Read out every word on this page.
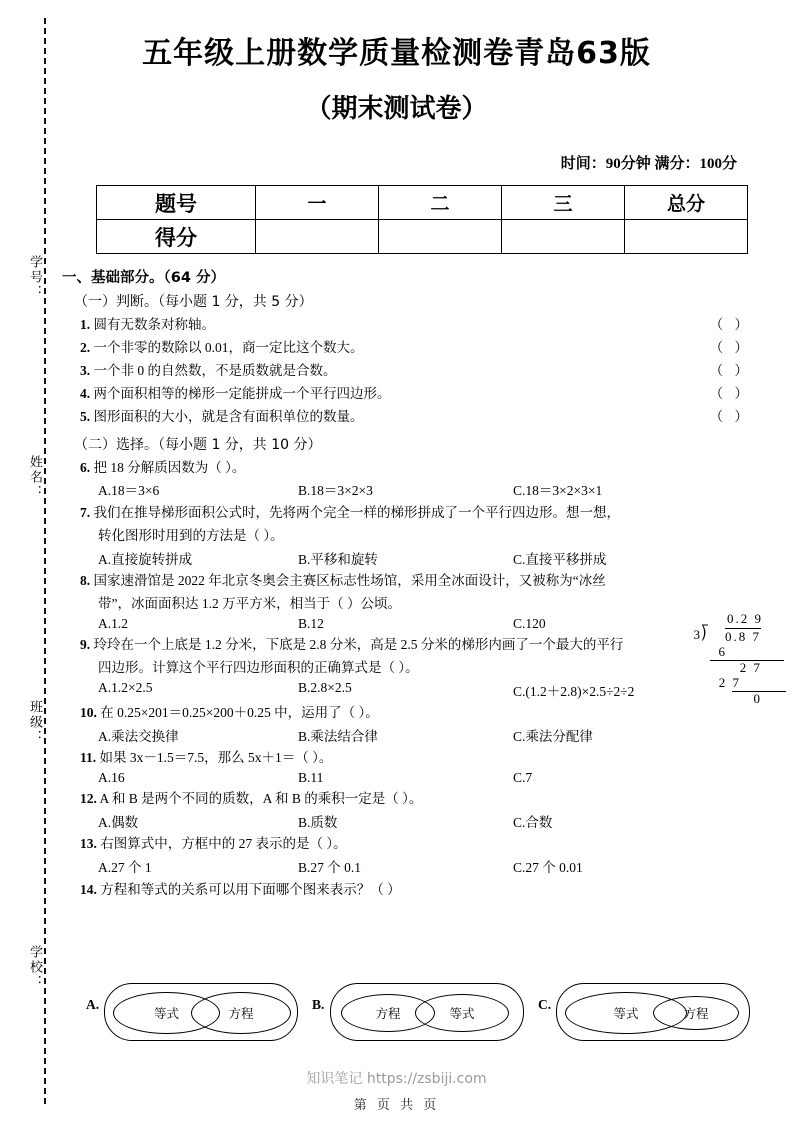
学号：
姓名：
班级：
学校：
五年级上册数学质量检测卷青岛63版
（期末测试卷）
时间：90分钟 满分：100分
题号	一	二	三	总分
得分				
一、基础部分。（64 分）
（一）判断。（每小题 1 分，共 5 分）
1. 圆有无数条对称轴。	（ ）
2. 一个非零的数除以 0.01，商一定比这个数大。	（ ）
3. 一个非 0 的自然数，不是质数就是合数。	（ ）
4. 两个面积相等的梯形一定能拼成一个平行四边形。	（ ）
5. 图形面积的大小，就是含有面积单位的数量。	（ ）
（二）选择。（每小题 1 分，共 10 分）
6. 把 18 分解质因数为（ ）。
A.18＝3×6	B.18＝3×2×3	C.18＝3×2×3×1
7. 我们在推导梯形面积公式时，先将两个完全一样的梯形拼成了一个平行四边形。想一想，
转化图形时用到的方法是（ ）。
A.直接旋转拼成	B.平移和旋转	C.直接平移拼成
8. 国家速滑馆是 2022 年北京冬奥会主赛区标志性场馆，采用全冰面设计，又被称为“冰丝
带”，冰面面积达 1.2 万平方米，相当于（ ）公顷。
A.1.2	B.12	C.120
9. 玲玲在一个上底是 1.2 分米，下底是 2.8 分米，高是 2.5 分米的梯形内画了一个最大的平行
四边形。计算这个平行四边形面积的正确算式是（ ）。
A.1.2×2.5	B.2.8×2.5	C.(1.2＋2.8)×2.5÷2÷2
10. 在 0.25×201＝0.25×200＋0.25 中，运用了（ ）。
A.乘法交换律	B.乘法结合律	C.乘法分配律
11. 如果 3x－1.5＝7.5，那么 5x＋1＝（ ）。
A.16	B.11	C.7
12. A 和 B 是两个不同的质数，A 和 B 的乘积一定是（ ）。
A.偶数	B.质数	C.合数
13. 右图算式中，方框中的 27 表示的是（ ）。
A.27 个 1	B.27 个 0.1	C.27 个 0.01
14. 方程和等式的关系可以用下面哪个图来表示？（ ）
0.2 9
3 ⟌ 0.8 7
6
2 7
2 7
0
A.
等式	方程
B.
方程	等式
C.
等式	方程
知识笔记 https://zsbiji.com
第 页 共 页
